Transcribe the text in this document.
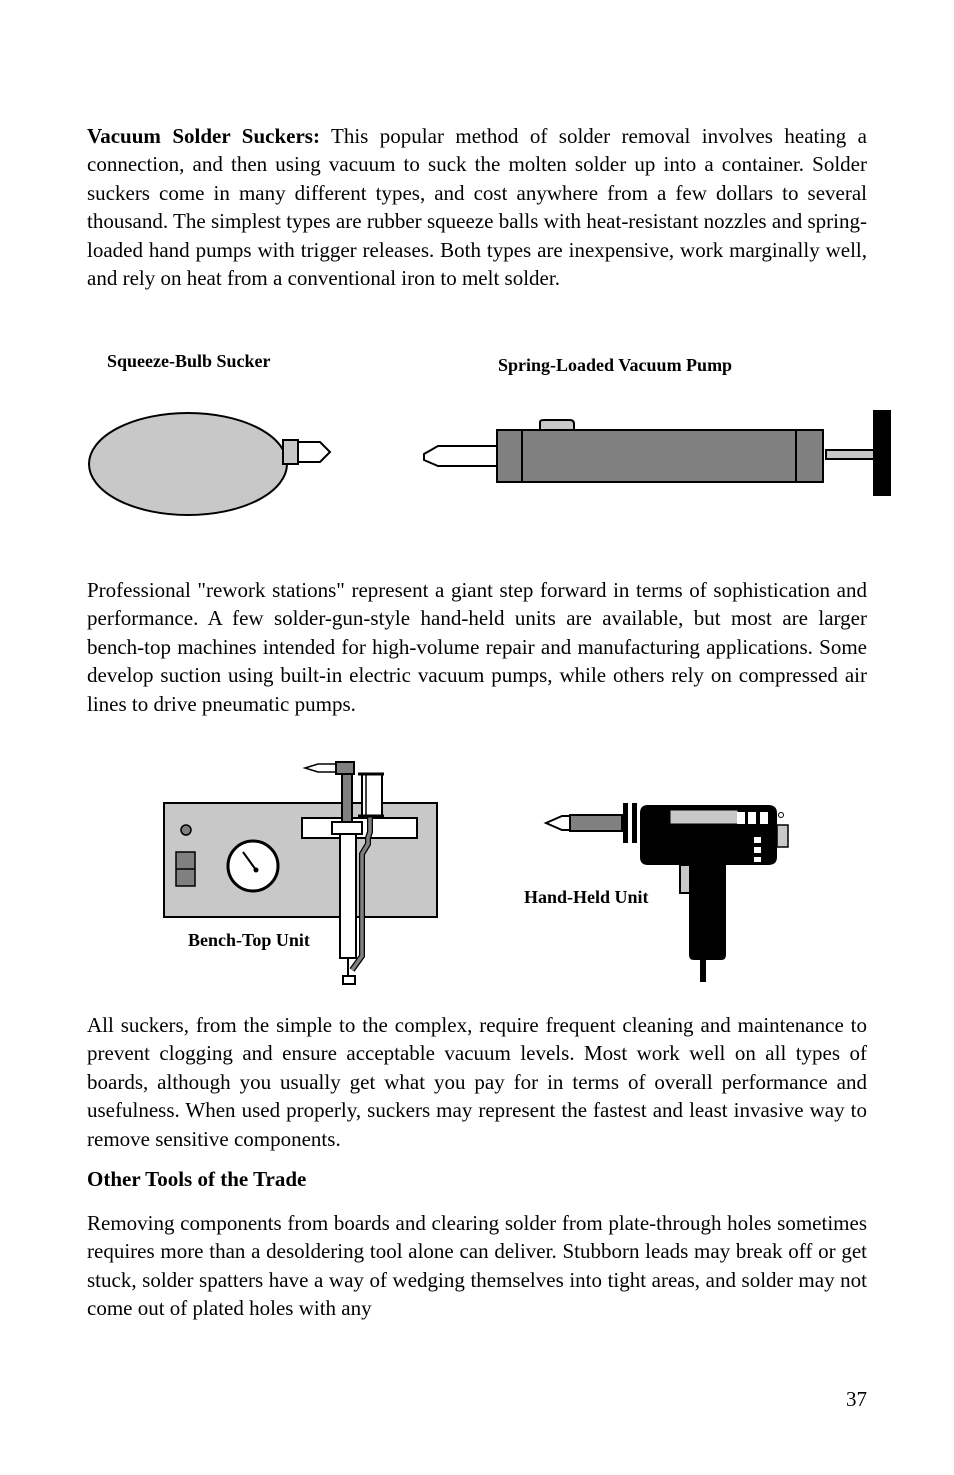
Vacuum Solder Suckers: This popular method of solder removal involves heating a connection, and then using vacuum to suck the molten solder up into a container. Solder suckers come in many different types, and cost anywhere from a few dollars to several thousand. The simplest types are rubber squeeze balls with heat-resistant nozzles and spring-loaded hand pumps with trigger releases. Both types are inexpensive, work marginally well, and rely on heat from a conventional iron to melt solder.

Squeeze-Bulb Sucker	Spring-Loaded Vacuum Pump

Professional "rework stations" represent a giant step forward in terms of sophistication and performance. A few solder-gun-style hand-held units are available, but most are larger bench-top machines intended for high-volume repair and manufacturing applications. Some develop suction using built-in electric vacuum pumps, while others rely on compressed air lines to drive pneumatic pumps.

Bench-Top Unit
Hand-Held Unit

All suckers, from the simple to the complex, require frequent cleaning and maintenance to prevent clogging and ensure acceptable vacuum levels. Most work well on all types of boards, although you usually get what you pay for in terms of overall performance and usefulness. When used properly, suckers may represent the fastest and least invasive way to remove sensitive components.

Other Tools of the Trade

Removing components from boards and clearing solder from plate-through holes sometimes requires more than a desoldering tool alone can deliver. Stubborn leads may break off or get stuck, solder spatters have a way of wedging themselves into tight areas, and solder may not come out of plated holes with any

37
